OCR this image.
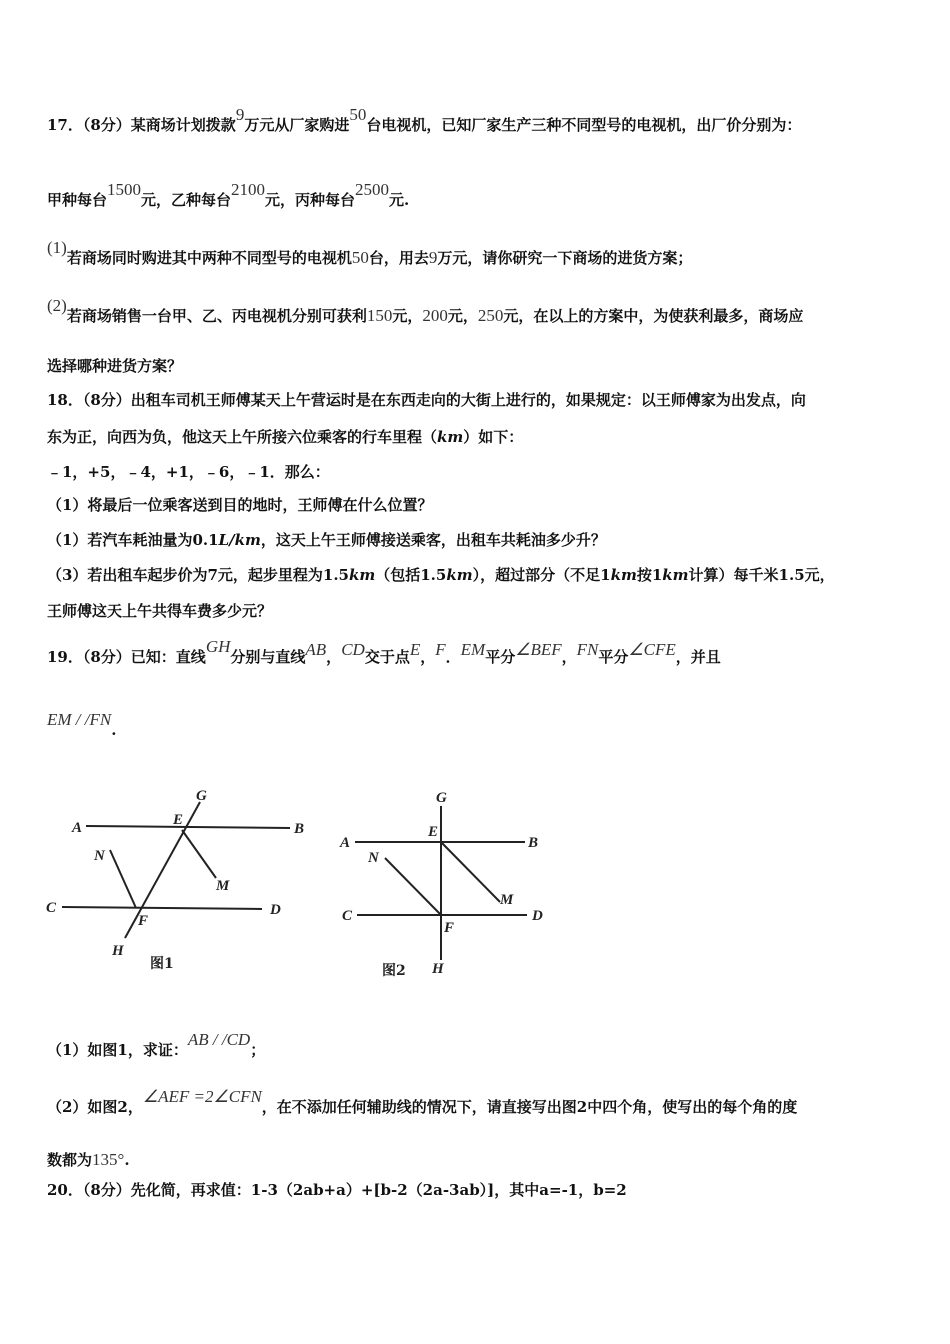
17．（8分）某商场计划拨款9万元从厂家购进50台电视机，已知厂家生产三种不同型号的电视机，出厂价分别为：
甲种每台1500元，乙种每台2100元，丙种每台2500元.
(1)若商场同时购进其中两种不同型号的电视机50台，用去9万元，请你研究一下商场的进货方案；
(2)若商场销售一台甲、乙、丙电视机分别可获利150元，200元，250元，在以上的方案中，为使获利最多，商场应
选择哪种进货方案？
18．（8分）出租车司机王师傅某天上午营运时是在东西走向的大街上进行的，如果规定：以王师傅家为出发点，向
东为正，向西为负，他这天上午所接六位乘客的行车里程（km）如下：
﹣1，+5，﹣4，+1，﹣6，﹣1．那么：
（1）将最后一位乘客送到目的地时，王师傅在什么位置？
（1）若汽车耗油量为0.1L/km，这天上午王师傅接送乘客，出租车共耗油多少升？
（3）若出租车起步价为7元，起步里程为1.5km（包括1.5km），超过部分（不足1km按1km计算）每千米1.5元，
王师傅这天上午共得车费多少元？
19．（8分）已知：直线GH分别与直线AB，CD交于点E，F．EM平分∠BEF，FN平分∠CFE，并且
EM / /FN.
A	B
C	D
E
F
G
H
M
N
图1
A	B
C	D
E
F
G
H
M
N
图2
（1）如图1，求证：AB / /CD；
（2）如图2，∠AEF =2∠CFN，在不添加任何辅助线的情况下，请直接写出图2中四个角，使写出的每个角的度
数都为135°.
20．（8分）先化简，再求值：1-3（2ab+a）+[b-2（2a-3ab）]，其中a=-1，b=2
